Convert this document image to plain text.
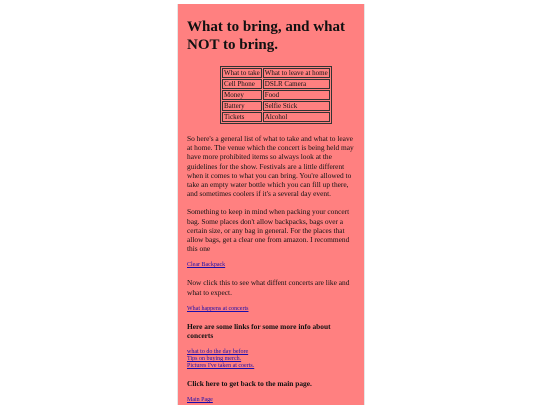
What to bring, and what NOT to bring.
What to take	What to leave at home
Cell Phone	DSLR Camera
Money	Food
Battery	Selfie Stick
Tickets	Alcohol

So here's a general list of what to take and what to leave at home. The venue which the concert is being held may have more prohibited items so always look at the guidelines for the show. Festivals are a little different when it comes to what you can bring. You're allowed to take an empty water bottle which you can fill up there, and sometimes coolers if it's a several day event.

Something to keep in mind when packing your concert bag. Some places don't allow backpacks, bags over a certain size, or any bag in general. For the places that allow bags, get a clear one from amazon. I recommend this one

Clear Backpack

Now click this to see what diffent concerts are like and what to expect.

What happens at concerts

Here are some links for some more info about concerts

what to do the day before
Tips on buying merch.
Pictures I've taken at coerts.

Click here to get back to the main page.

Main Page
